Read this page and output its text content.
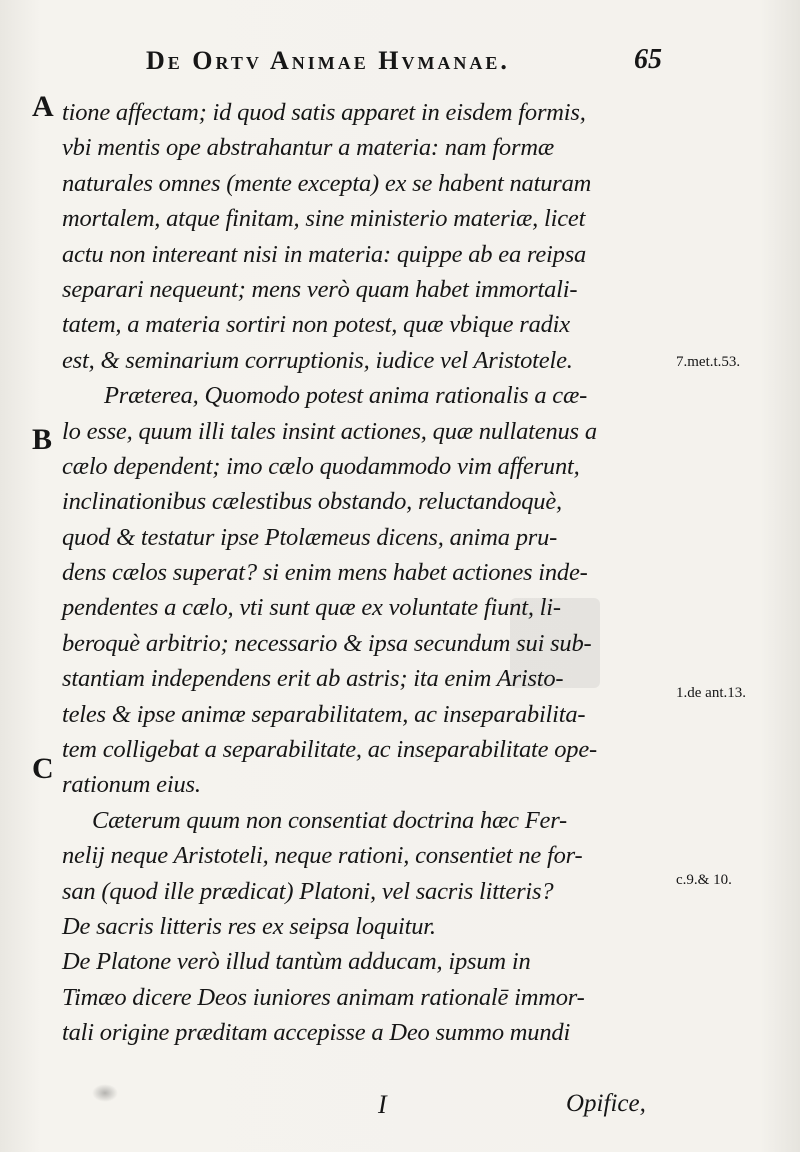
De Ortv Animae Hvmanae.	65
A
B
C
7.met.t.53.
1.de ant.13.
c.9.& 10.
tione affectam; id quod satis apparet in eisdem formis,
vbi mentis ope abstrahantur a materia: nam formæ
naturales omnes (mente excepta) ex se habent naturam
mortalem, atque finitam, sine ministerio materiæ, licet
actu non intereant nisi in materia: quippe ab ea reipsa
separari nequeunt; mens verò quam habet immortali-
tatem, a materia sortiri non potest, quæ vbique radix
est, & seminarium corruptionis, iudice vel Aristotele.
Præterea, Quomodo potest anima rationalis a cæ-
lo esse, quum illi tales insint actiones, quæ nullatenus a
cælo dependent; imo cælo quodammodo vim afferunt,
inclinationibus cælestibus obstando, reluctandoquè,
quod & testatur ipse Ptolæmeus dicens, anima pru-
dens cælos superat? si enim mens habet actiones inde-
pendentes a cælo, vti sunt quæ ex voluntate fiunt, li-
beroquè arbitrio; necessario & ipsa secundum sui sub-
stantiam independens erit ab astris; ita enim Aristo-
teles & ipse animæ separabilitatem, ac inseparabilita-
tem colligebat a separabilitate, ac inseparabilitate ope-
rationum eius.
Cæterum quum non consentiat doctrina hæc Fer-
nelij neque Aristoteli, neque rationi, consentiet ne for-
san (quod ille prædicat) Platoni, vel sacris litteris?
De sacris litteris res ex seipsa loquitur.
De Platone verò illud tantùm adducam, ipsum in
Timæo dicere Deos iuniores animam rationalē immor-
tali origine præditam accepisse a Deo summo mundi
I	Opifice,
